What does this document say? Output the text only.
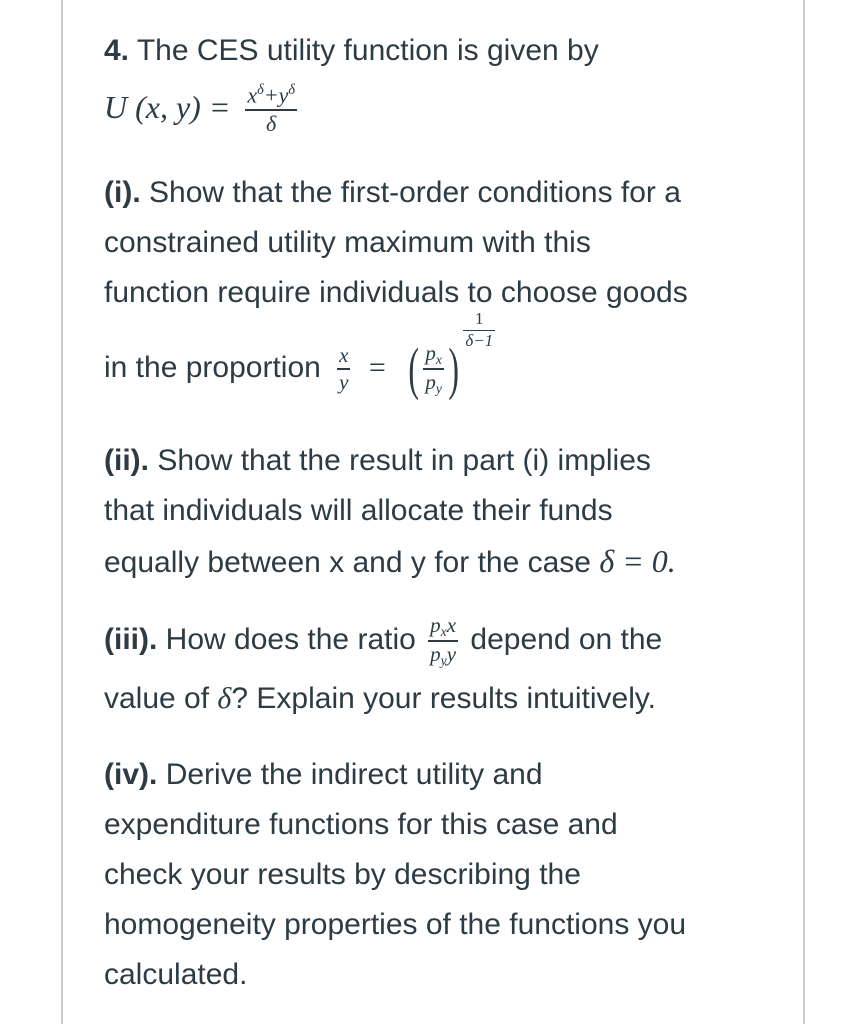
4. The CES utility function is given by
U (x, $y) = \frac{x^\delta+y^\delta}{\delta}$
(i). Show that the first-order conditions for a
constrained utility maximum with this
function require individuals to choose goods
in the proportion $\frac{x}{y}$ = ( $\frac{p_x}{p_y}$ )
$\frac{1}{\delta-1}$
(ii). Show that the result in part (i) implies
that individuals will allocate their funds
equally between x and y for the case δ = 0.
(iii). How does the ratio $\frac{p_xx}{p_yy}$ depend on the
value of δ? Explain your results intuitively.
(iv). Derive the indirect utility and
expenditure functions for this case and
check your results by describing the
homogeneity properties of the functions you
calculated.
